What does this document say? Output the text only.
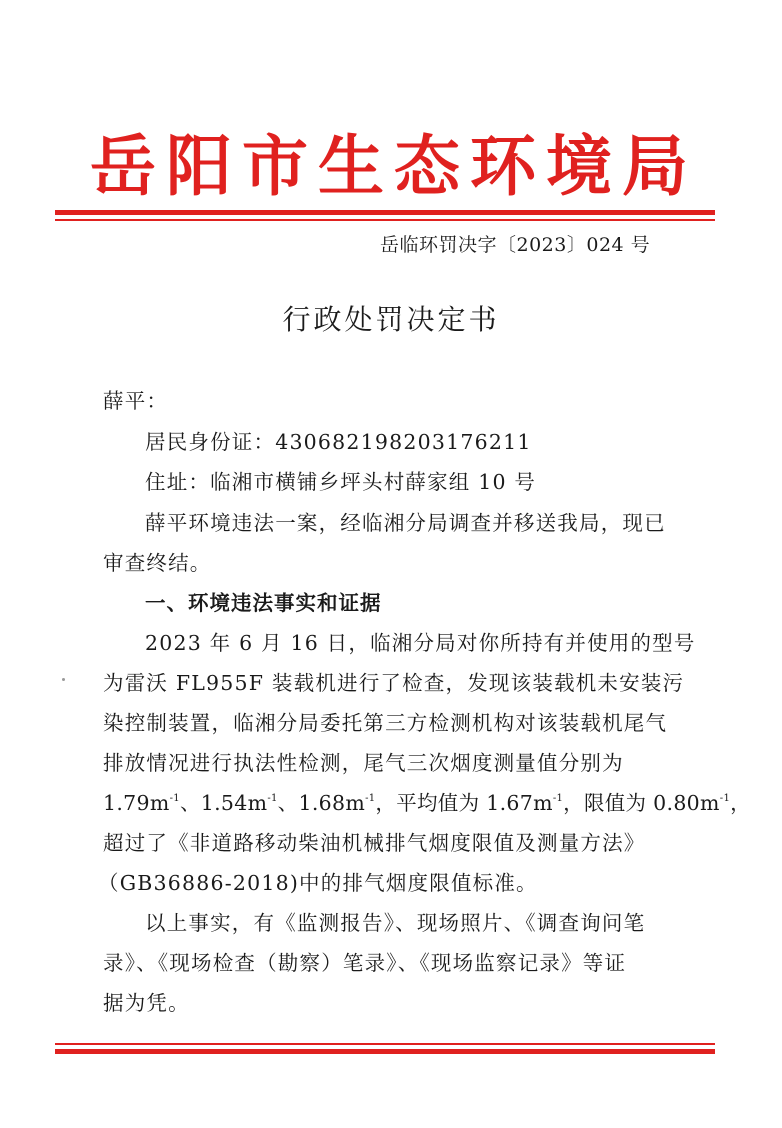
岳阳市生态环境局
岳临环罚决字〔2023〕024 号
行政处罚决定书
薛平：
居民身份证：430682198203176211
住址：临湘市横铺乡坪头村薛家组 10 号
薛平环境违法一案，经临湘分局调查并移送我局，现已
审查终结。
一、环境违法事实和证据
2023 年 6 月 16 日，临湘分局对你所持有并使用的型号
为雷沃 FL955F 装载机进行了检查，发现该装载机未安装污
染控制装置，临湘分局委托第三方检测机构对该装载机尾气
排放情况进行执法性检测，尾气三次烟度测量值分别为
$1.79m^{-1}$、$1.54m^{-1}$、$1.68m^{-1}$，平均值为 $1.67m^{-1}$，限值为 $0.80m^{-1}$，
超过了《非道路移动柴油机械排气烟度限值及测量方法》
（GB36886-2018)中的排气烟度限值标准。
以上事实，有《监测报告》、现场照片、《调查询问笔
录》、《现场检查（勘察）笔录》、《现场监察记录》等证
据为凭。
